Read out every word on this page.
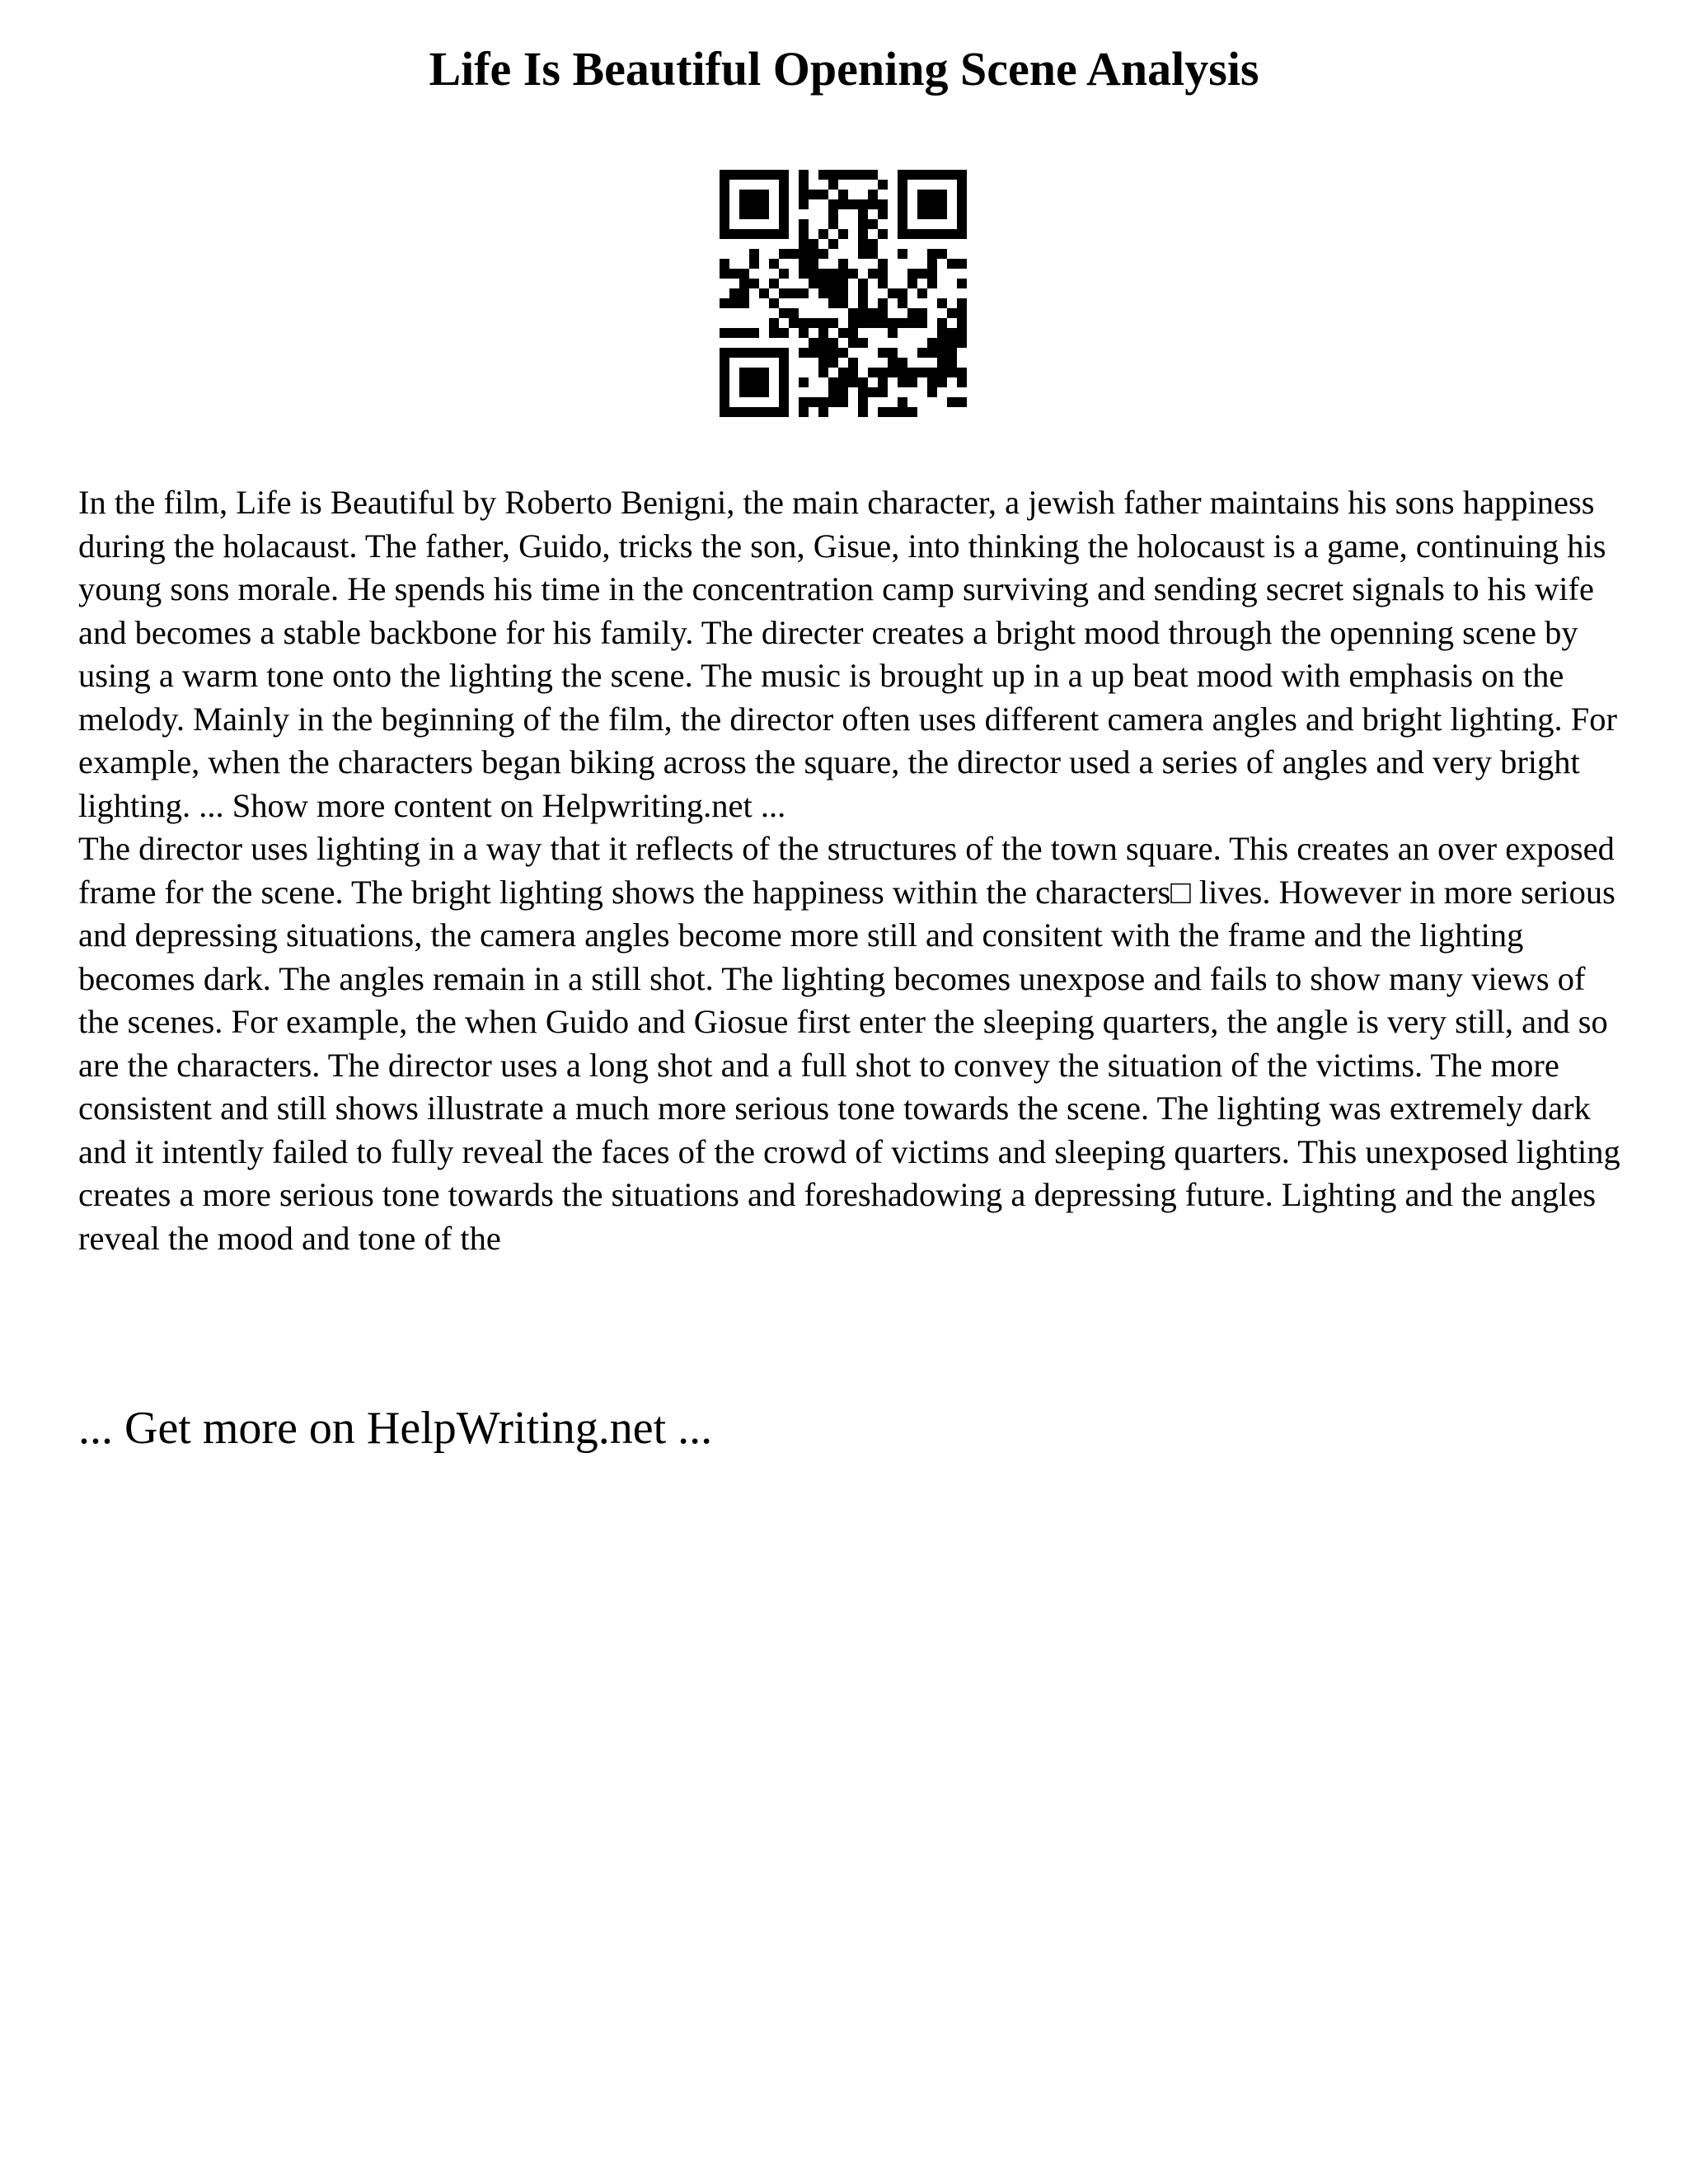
Life Is Beautiful Opening Scene Analysis

In the film, Life is Beautiful by Roberto Benigni, the main character, a jewish father maintains his sons happiness during the holacaust. The father, Guido, tricks the son, Gisue, into thinking the holocaust is a game, continuing his young sons morale. He spends his time in the concentration camp surviving and sending secret signals to his wife and becomes a stable backbone for his family. The directer creates a bright mood through the openning scene by using a warm tone onto the lighting the scene. The music is brought up in a up beat mood with emphasis on the melody. Mainly in the beginning of the film, the director often uses different camera angles and bright lighting. For example, when the characters began biking across the square, the director used a series of angles and very bright lighting. ... Show more content on Helpwriting.net ...

The director uses lighting in a way that it reflects of the structures of the town square. This creates an over exposed frame for the scene. The bright lighting shows the happiness within the characters□ lives. However in more serious and depressing situations, the camera angles become more still and consitent with the frame and the lighting becomes dark. The angles remain in a still shot. The lighting becomes unexpose and fails to show many views of the scenes. For example, the when Guido and Giosue first enter the sleeping quarters, the angle is very still, and so are the characters. The director uses a long shot and a full shot to convey the situation of the victims. The more consistent and still shows illustrate a much more serious tone towards the scene. The lighting was extremely dark and it intently failed to fully reveal the faces of the crowd of victims and sleeping quarters. This unexposed lighting creates a more serious tone towards the situations and foreshadowing a depressing future. Lighting and the angles reveal the mood and tone of the

... Get more on HelpWriting.net ...
